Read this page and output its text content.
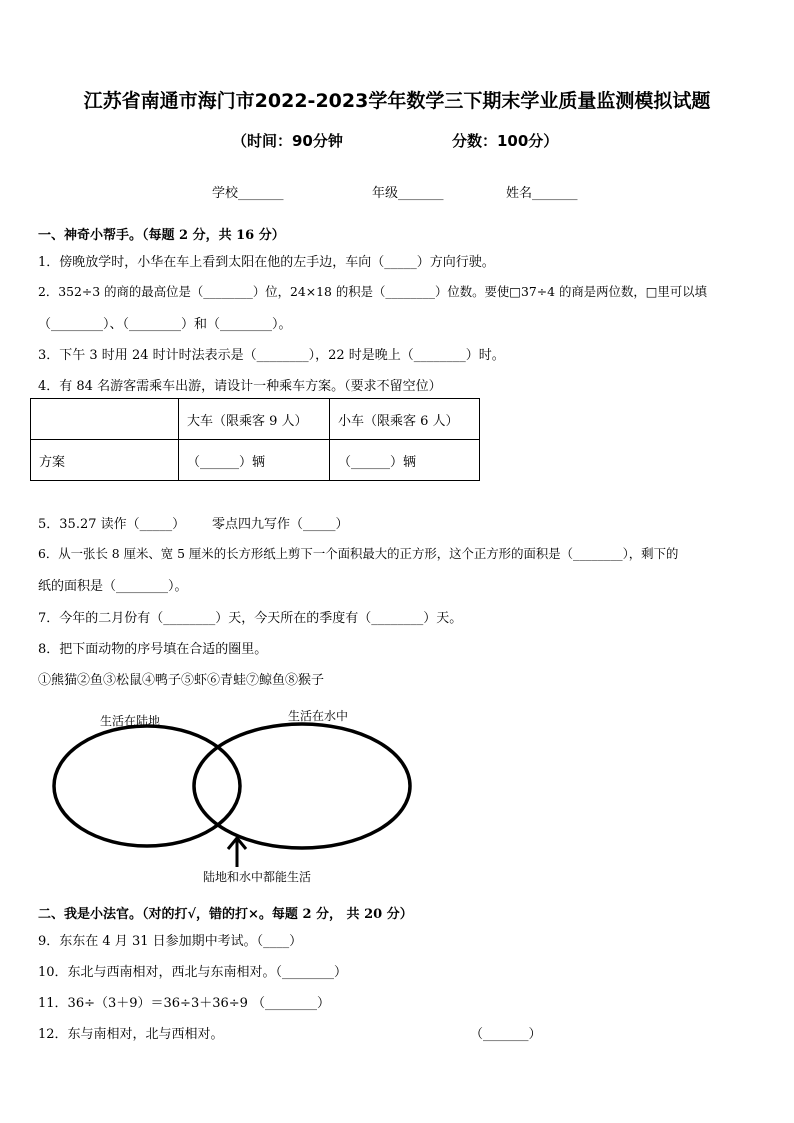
江苏省南通市海门市2022-2023学年数学三下期末学业质量监测模拟试题
（时间：90分钟	分数：100分）
学校_______	年级_______	姓名_______
一、神奇小帮手。（每题 2 分，共 16 分）
1．傍晚放学时，小华在车上看到太阳在他的左手边，车向（_____）方向行驶。
2．352÷3 的商的最高位是（________）位，24×18 的积是（________）位数。要使□37÷4 的商是两位数，□里可以填
（________）、（________）和（________）。
3．下午 3 时用 24 时计时法表示是（________），22 时是晚上（________）时。
4．有 84 名游客需乘车出游，请设计一种乘车方案。（要求不留空位）
	大车（限乘客 9 人）	小车（限乘客 6 人）
方案	（______）辆	（______）辆
5．35.27 读作（_____） 零点四九写作（_____）
6．从一张长 8 厘米、宽 5 厘米的长方形纸上剪下一个面积最大的正方形，这个正方形的面积是（________），剩下的
纸的面积是（________）。
7．今年的二月份有（________）天，今天所在的季度有（________）天。
8．把下面动物的序号填在合适的圈里。
①熊猫②鱼③松鼠④鸭子⑤虾⑥青蛙⑦鲸鱼⑧猴子
生活在陆地	生活在水中
陆地和水中都能生活
二、我是小法官。（对的打√，错的打×。每题 2 分， 共 20 分）
9．东东在 4 月 31 日参加期中考试。（____）
10．东北与西南相对，西北与东南相对。（________）
11．36÷（3＋9）＝36÷3＋36÷9 （________）
12．东与南相对，北与西相对。	（_______）
